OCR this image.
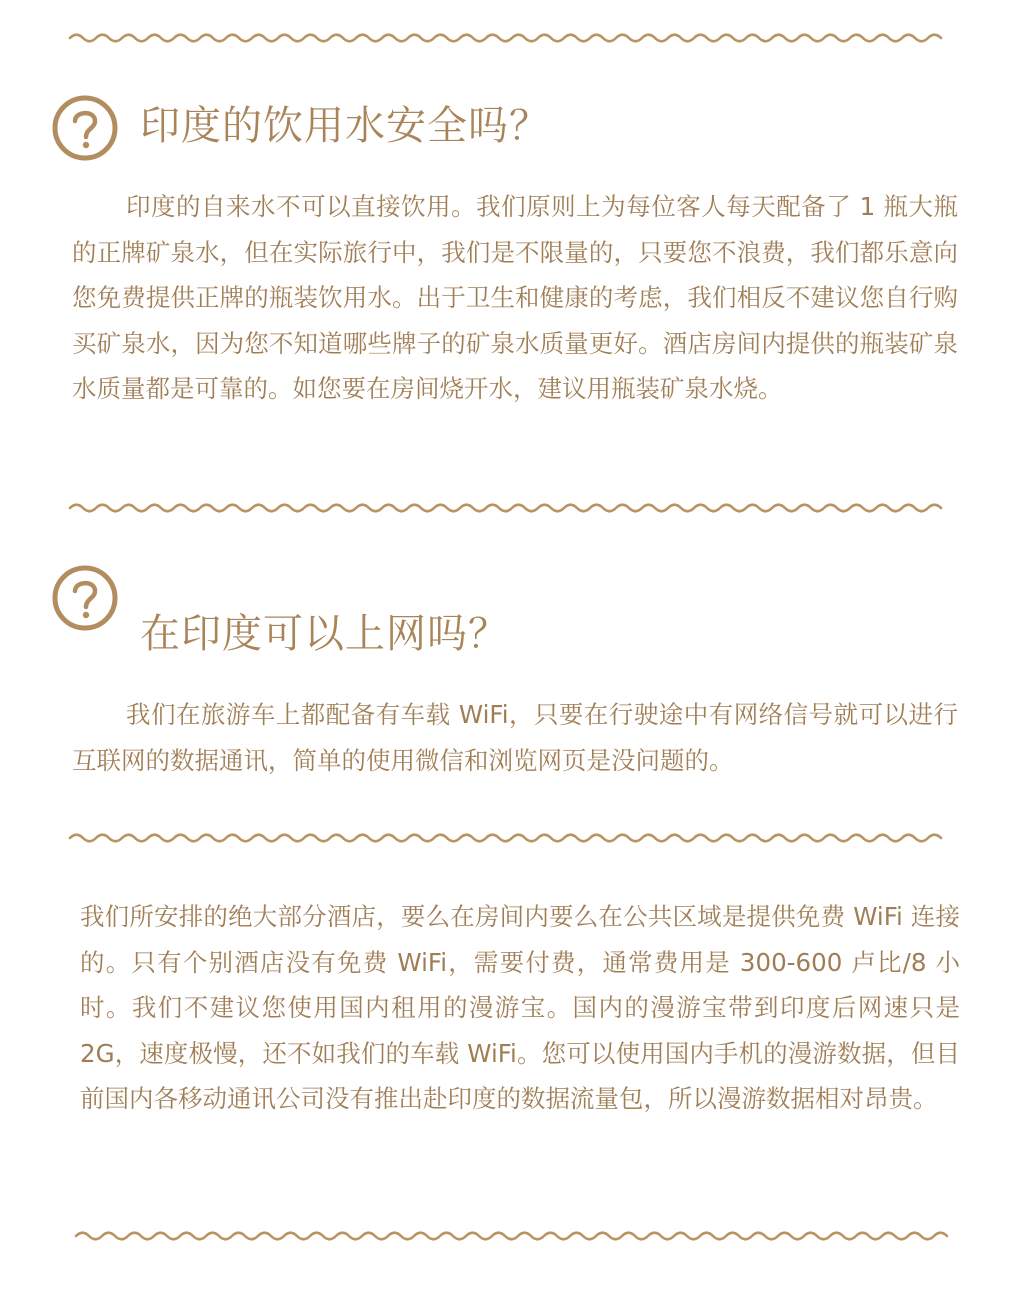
印度的饮用水安全吗？
印度的自来水不可以直接饮用。我们原则上为每位客人每天配备了 1 瓶大瓶的正牌矿泉水，但在实际旅行中，我们是不限量的，只要您不浪费，我们都乐意向您免费提供正牌的瓶装饮用水。出于卫生和健康的考虑，我们相反不建议您自行购买矿泉水，因为您不知道哪些牌子的矿泉水质量更好。酒店房间内提供的瓶装矿泉水质量都是可靠的。如您要在房间烧开水，建议用瓶装矿泉水烧。
在印度可以上网吗？
我们在旅游车上都配备有车载 WiFi，只要在行驶途中有网络信号就可以进行互联网的数据通讯，简单的使用微信和浏览网页是没问题的。
我们所安排的绝大部分酒店，要么在房间内要么在公共区域是提供免费 WiFi 连接的。只有个别酒店没有免费 WiFi，需要付费，通常费用是 300-600 卢比/8 小时。我们不建议您使用国内租用的漫游宝。国内的漫游宝带到印度后网速只是 2G，速度极慢，还不如我们的车载 WiFi。您可以使用国内手机的漫游数据，但目前国内各移动通讯公司没有推出赴印度的数据流量包，所以漫游数据相对昂贵。
